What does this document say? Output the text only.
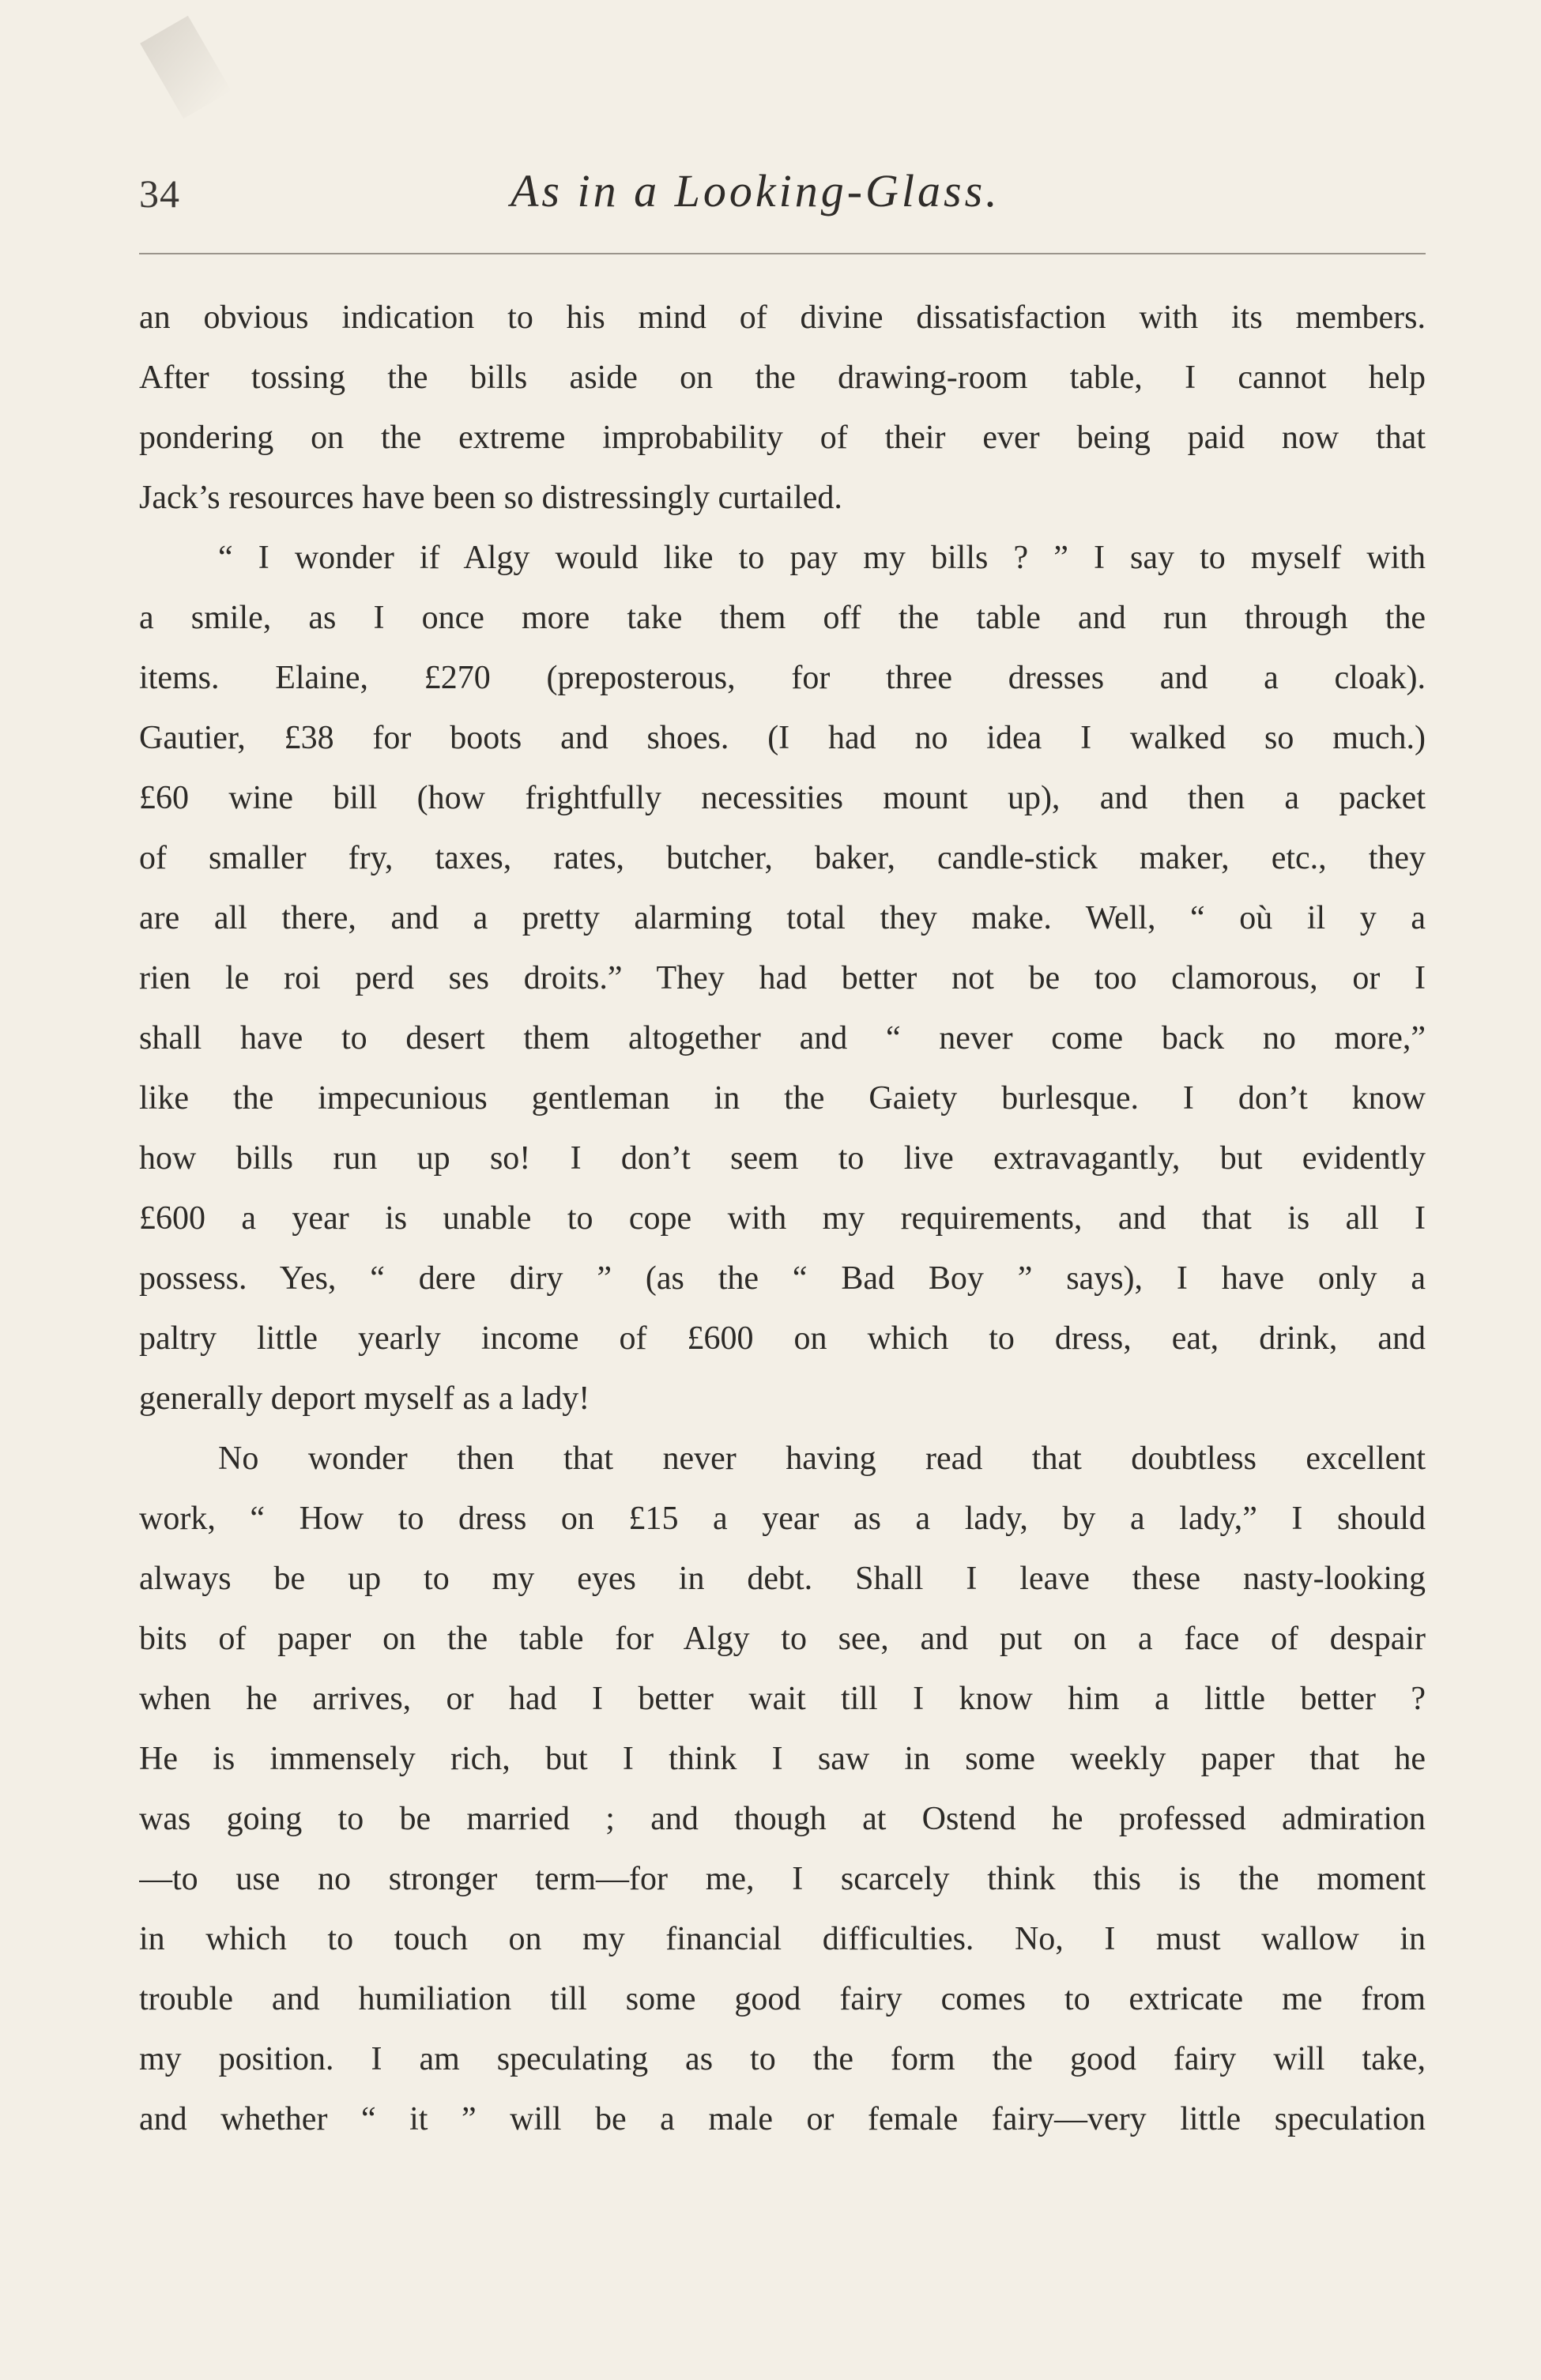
34	As in a Looking-Glass.
an obvious indication to his mind of divine dissatisfaction with its members.
After tossing the bills aside on the drawing-room table, I cannot help
pondering on the extreme improbability of their ever being paid now that
Jack’s resources have been so distressingly curtailed.
“ I wonder if Algy would like to pay my bills ? ” I say to myself with
a smile, as I once more take them off the table and run through the
items. Elaine, £270 (preposterous, for three dresses and a cloak).
Gautier, £38 for boots and shoes. (I had no idea I walked so much.)
£60 wine bill (how frightfully necessities mount up), and then a packet
of smaller fry, taxes, rates, butcher, baker, candle-stick maker, etc., they
are all there, and a pretty alarming total they make. Well, “ où il y a
rien le roi perd ses droits.” They had better not be too clamorous, or I
shall have to desert them altogether and “ never come back no more,”
like the impecunious gentleman in the Gaiety burlesque. I don’t know
how bills run up so! I don’t seem to live extravagantly, but evidently
£600 a year is unable to cope with my requirements, and that is all I
possess. Yes, “ dere diry ” (as the “ Bad Boy ” says), I have only a
paltry little yearly income of £600 on which to dress, eat, drink, and
generally deport myself as a lady!
No wonder then that never having read that doubtless excellent
work, “ How to dress on £15 a year as a lady, by a lady,” I should
always be up to my eyes in debt. Shall I leave these nasty-looking
bits of paper on the table for Algy to see, and put on a face of despair
when he arrives, or had I better wait till I know him a little better ?
He is immensely rich, but I think I saw in some weekly paper that he
was going to be married ; and though at Ostend he professed admiration
—to use no stronger term—for me, I scarcely think this is the moment
in which to touch on my financial difficulties. No, I must wallow in
trouble and humiliation till some good fairy comes to extricate me from
my position. I am speculating as to the form the good fairy will take,
and whether “ it ” will be a male or female fairy—very little speculation
